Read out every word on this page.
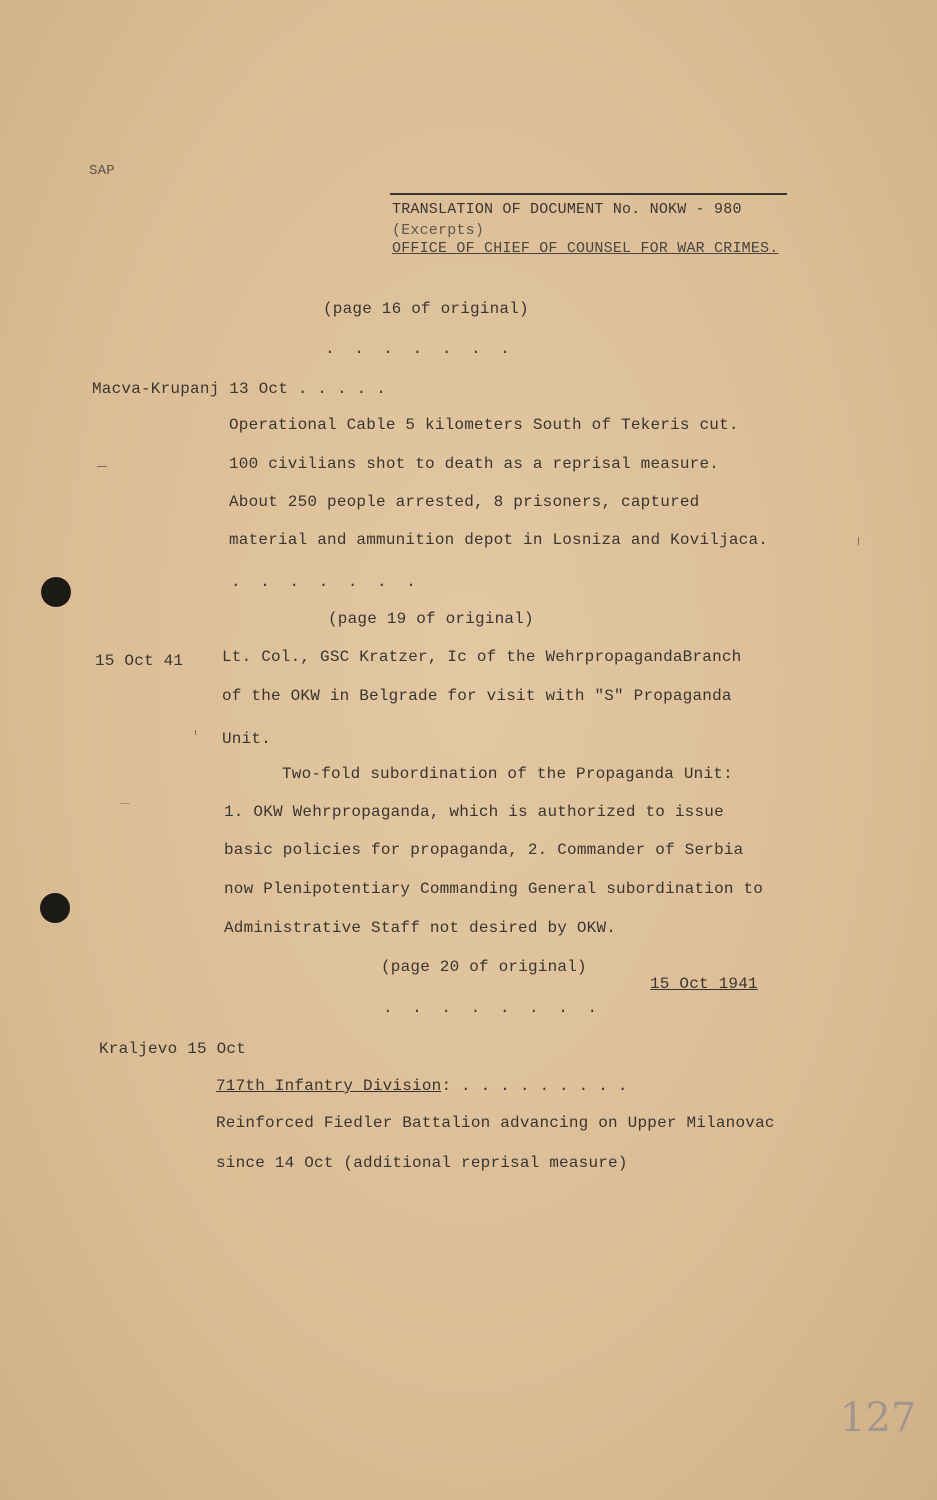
SAP
TRANSLATION OF DOCUMENT No. NOKW - 980
(Excerpts)
OFFICE OF CHIEF OF COUNSEL FOR WAR CRIMES.
(page 16 of original)
. . . . . . .
Macva-Krupanj 13 Oct . . . . .
Operational Cable 5 kilometers South of Tekeris cut.
100 civilians shot to death as a reprisal measure.
About 250 people arrested, 8 prisoners, captured
material and ammunition depot in Losniza and Koviljaca.
. . . . . . .
(page 19 of original)
15 Oct 41 Lt. Col., GSC Kratzer, Ic of the WehrpropagandaBranch
of the OKW in Belgrade for visit with "S" Propaganda
Unit.
Two-fold subordination of the Propaganda Unit:
1. OKW Wehrpropaganda, which is authorized to issue
basic policies for propaganda, 2. Commander of Serbia
now Plenipotentiary Commanding General subordination to
Administrative Staff not desired by OKW.
(page 20 of original)
15 Oct 1941
. . . . . . . .
Kraljevo 15 Oct
717th Infantry Division: . . . . . . . . .
Reinforced Fiedler Battalion advancing on Upper Milanovac
since 14 Oct (additional reprisal measure)
127
